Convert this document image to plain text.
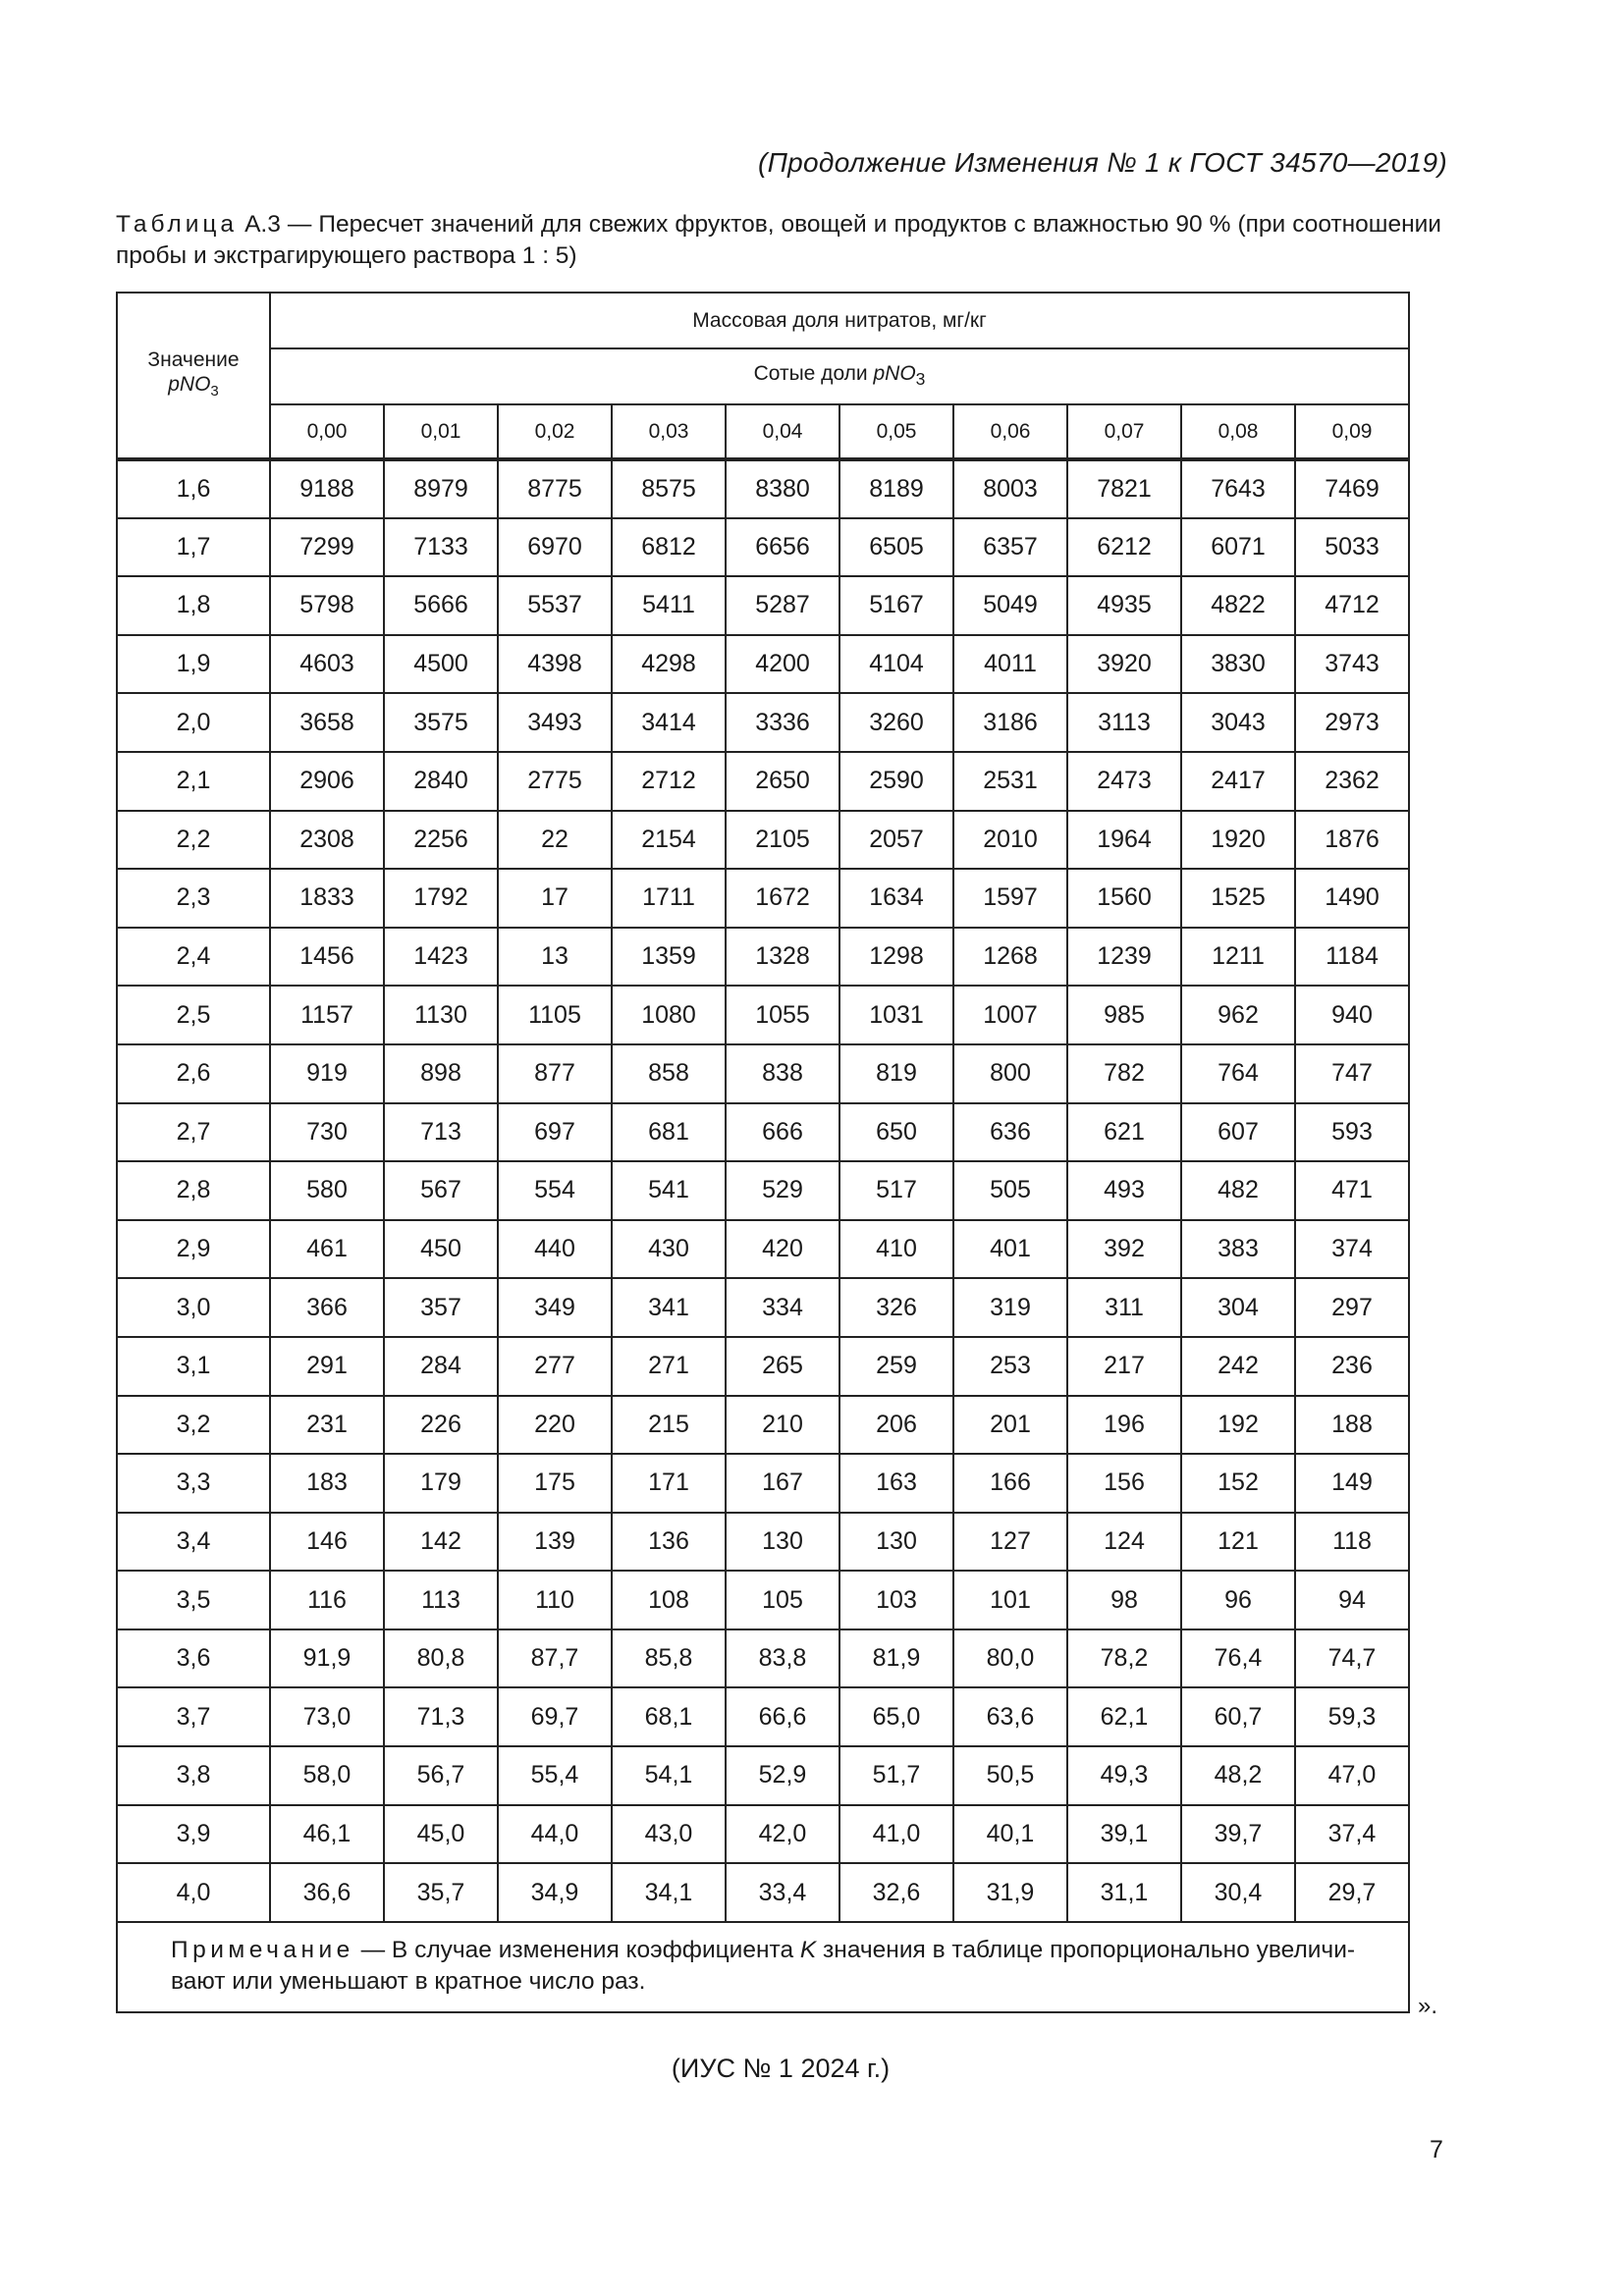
(Продолжение Изменения № 1 к ГОСТ 34570—2019)
Таблица А.3 — Пересчет значений для свежих фруктов, овощей и продуктов с влажностью 90 % (при соотношении пробы и экстрагирующего раствора 1 : 5)
Значение
pNO$_3$	Массовая доля нитратов, мг/кг									
	Сотые доли pNO$_3$
	0,00	0,01	0,02	0,03	0,04	0,05	0,06	0,07	0,08	0,09
1,6	9188	8979	8775	8575	8380	8189	8003	7821	7643	7469
1,7	7299	7133	6970	6812	6656	6505	6357	6212	6071	5033
1,8	5798	5666	5537	5411	5287	5167	5049	4935	4822	4712
1,9	4603	4500	4398	4298	4200	4104	4011	3920	3830	3743
2,0	3658	3575	3493	3414	3336	3260	3186	3113	3043	2973
2,1	2906	2840	2775	2712	2650	2590	2531	2473	2417	2362
2,2	2308	2256	22	2154	2105	2057	2010	1964	1920	1876
2,3	1833	1792	17	1711	1672	1634	1597	1560	1525	1490
2,4	1456	1423	13	1359	1328	1298	1268	1239	1211	1184
2,5	1157	1130	1105	1080	1055	1031	1007	985	962	940
2,6	919	898	877	858	838	819	800	782	764	747
2,7	730	713	697	681	666	650	636	621	607	593
2,8	580	567	554	541	529	517	505	493	482	471
2,9	461	450	440	430	420	410	401	392	383	374
3,0	366	357	349	341	334	326	319	311	304	297
3,1	291	284	277	271	265	259	253	217	242	236
3,2	231	226	220	215	210	206	201	196	192	188
3,3	183	179	175	171	167	163	166	156	152	149
3,4	146	142	139	136	130	130	127	124	121	118
3,5	116	113	110	108	105	103	101	98	96	94
3,6	91,9	80,8	87,7	85,8	83,8	81,9	80,0	78,2	76,4	74,7
3,7	73,0	71,3	69,7	68,1	66,6	65,0	63,6	62,1	60,7	59,3
3,8	58,0	56,7	55,4	54,1	52,9	51,7	50,5	49,3	48,2	47,0
3,9	46,1	45,0	44,0	43,0	42,0	41,0	40,1	39,1	39,7	37,4
4,0	36,6	35,7	34,9	34,1	33,4	32,6	31,9	31,1	30,4	29,7
Примечание — В случае изменения коэффициента K значения в таблице пропорционально увеличивают или уменьшают в кратное число раз.										
».
(ИУС № 1 2024 г.)
7
